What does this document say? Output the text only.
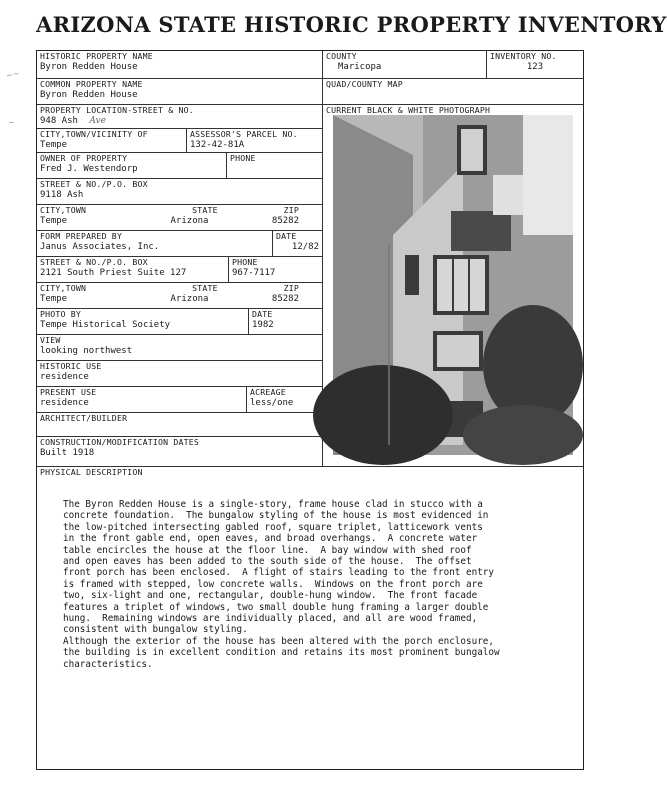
ARIZONA STATE HISTORIC PROPERTY INVENTORY
~~
~
HISTORIC PROPERTY NAME
Byron Redden House
COMMON PROPERTY NAME
Byron Redden House
PROPERTY LOCATION-STREET & NO.
948 Ash Ave
CITY,TOWN/VICINITY OF
Tempe
ASSESSOR'S PARCEL NO.
132-42-81A
OWNER OF PROPERTY
Fred J. Westendorp
PHONE
STREET & NO./P.O. BOX
9118 Ash
CITY,TOWN	STATE	ZIP
Tempe	Arizona	85282
FORM PREPARED BY
Janus Associates, Inc.
DATE
12/82
STREET & NO./P.O. BOX
2121 South Priest Suite 127
PHONE
967-7117
CITY,TOWN	STATE	ZIP
Tempe	Arizona	85282
PHOTO BY
Tempe Historical Society
DATE
1982
VIEW
looking northwest
HISTORIC USE
residence
PRESENT USE
residence
ACREAGE
less/one
ARCHITECT/BUILDER
CONSTRUCTION/MODIFICATION DATES
Built 1918
COUNTY
Maricopa
INVENTORY NO.
123
QUAD/COUNTY MAP
CURRENT BLACK & WHITE PHOTOGRAPH
PHYSICAL DESCRIPTION
The Byron Redden House is a single-story, frame house clad in stucco with a
concrete foundation.  The bungalow styling of the house is most evidenced in
the low-pitched intersecting gabled roof, square triplet, latticework vents
in the front gable end, open eaves, and broad overhangs.  A concrete water
table encircles the house at the floor line.  A bay window with shed roof
and open eaves has been added to the south side of the house.  The offset
front porch has been enclosed.  A flight of stairs leading to the front entry
is framed with stepped, low concrete walls.  Windows on the front porch are
two, six-light and one, rectangular, double-hung window.  The front facade
features a triplet of windows, two small double hung framing a larger double
hung.  Remaining windows are individually placed, and all are wood framed,
consistent with bungalow styling.
Although the exterior of the house has been altered with the porch enclosure,
the building is in excellent condition and retains its most prominent bungalow
characteristics.
